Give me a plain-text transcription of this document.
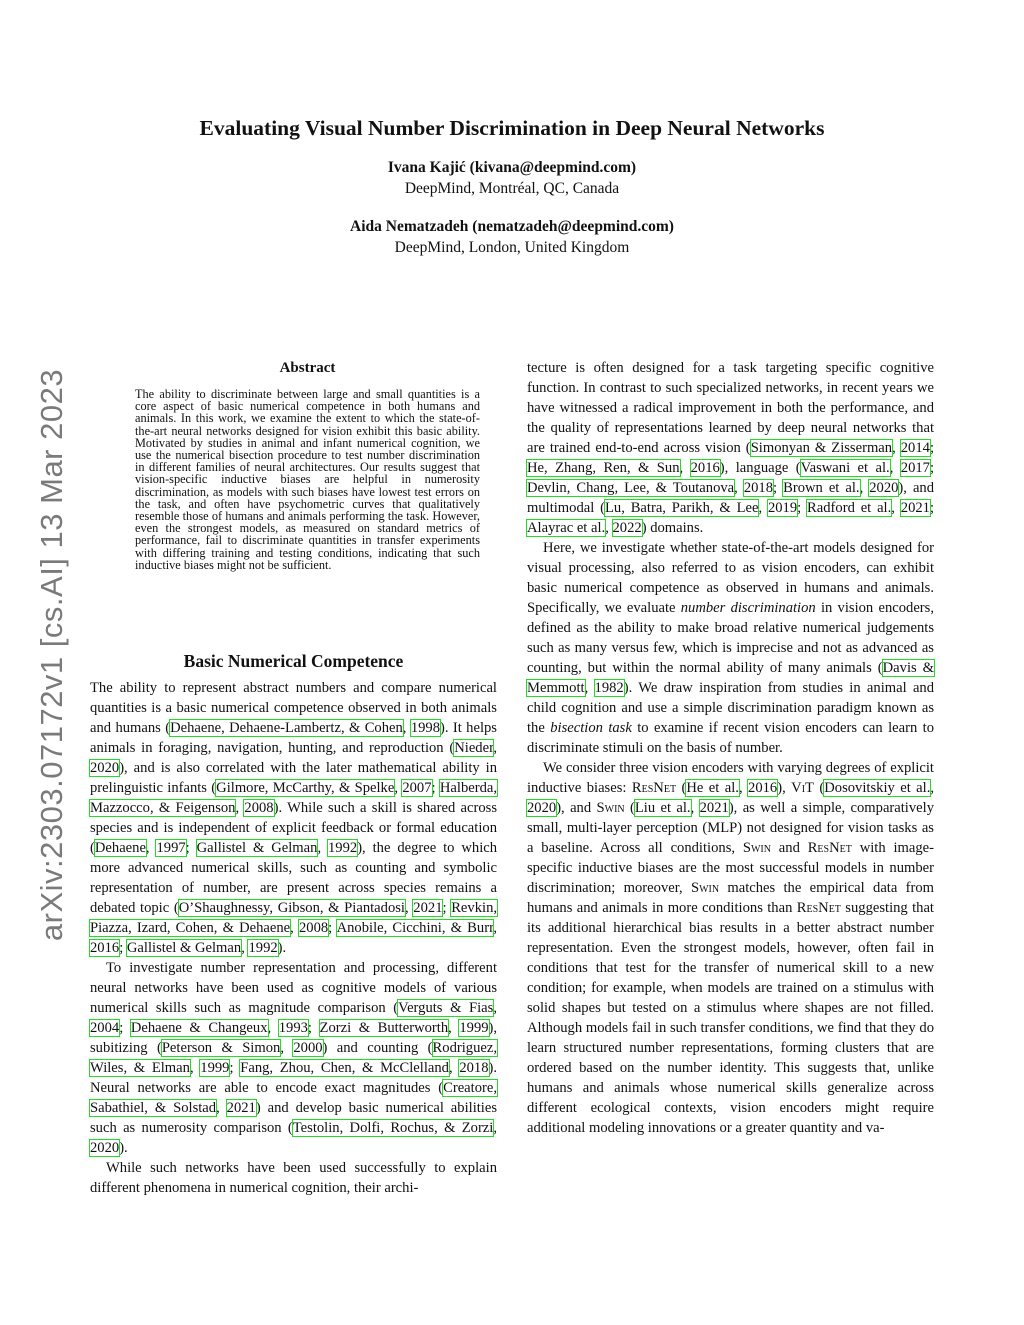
Evaluating Visual Number Discrimination in Deep Neural Networks
Ivana Kajić (kivana@deepmind.com)
DeepMind, Montréal, QC, Canada
Aida Nematzadeh (nematzadeh@deepmind.com)
DeepMind, London, United Kingdom
arXiv:2303.07172v1 [cs.AI] 13 Mar 2023
Abstract

The ability to discriminate between large and small quantities is a core aspect of basic numerical competence in both humans and animals. In this work, we examine the extent to which the state-of-the-art neural networks designed for vision exhibit this basic ability. Motivated by studies in animal and infant numerical cognition, we use the numerical bisection procedure to test number discrimination in different families of neural architectures. Our results suggest that vision-specific inductive biases are helpful in numerosity discrimination, as models with such biases have lowest test errors on the task, and often have psychometric curves that qualitatively resemble those of humans and animals performing the task. However, even the strongest models, as measured on standard metrics of performance, fail to discriminate quantities in transfer experiments with differing training and testing conditions, indicating that such inductive biases might not be sufficient.

Basic Numerical Competence

The ability to represent abstract numbers and compare numerical quantities is a basic numerical competence observed in both animals and humans (Dehaene, Dehaene-Lambertz, & Cohen, 1998). It helps animals in foraging, navigation, hunting, and reproduction (Nieder, 2020), and is also correlated with the later mathematical ability in prelinguistic infants (Gilmore, McCarthy, & Spelke, 2007; Halberda, Mazzocco, & Feigenson, 2008). While such a skill is shared across species and is independent of explicit feedback or formal education (Dehaene, 1997; Gallistel & Gelman, 1992), the degree to which more advanced numerical skills, such as counting and symbolic representation of number, are present across species remains a debated topic (O’Shaughnessy, Gibson, & Piantadosi, 2021; Revkin, Piazza, Izard, Cohen, & Dehaene, 2008; Anobile, Cicchini, & Burr, 2016; Gallistel & Gelman, 1992).

To investigate number representation and processing, different neural networks have been used as cognitive models of various numerical skills such as magnitude comparison (Verguts & Fias, 2004; Dehaene & Changeux, 1993; Zorzi & Butterworth, 1999), subitizing (Peterson & Simon, 2000) and counting (Rodriguez, Wiles, & Elman, 1999; Fang, Zhou, Chen, & McClelland, 2018). Neural networks are able to encode exact magnitudes (Creatore, Sabathiel, & Solstad, 2021) and develop basic numerical abilities such as numerosity comparison (Testolin, Dolfi, Rochus, & Zorzi, 2020).

While such networks have been used successfully to explain different phenomena in numerical cognition, their archi-

tecture is often designed for a task targeting specific cognitive function. In contrast to such specialized networks, in recent years we have witnessed a radical improvement in both the performance, and the quality of representations learned by deep neural networks that are trained end-to-end across vision (Simonyan & Zisserman, 2014; He, Zhang, Ren, & Sun, 2016), language (Vaswani et al., 2017; Devlin, Chang, Lee, & Toutanova, 2018; Brown et al., 2020), and multimodal (Lu, Batra, Parikh, & Lee, 2019; Radford et al., 2021; Alayrac et al., 2022) domains.

Here, we investigate whether state-of-the-art models designed for visual processing, also referred to as vision encoders, can exhibit basic numerical competence as observed in humans and animals. Specifically, we evaluate number discrimination in vision encoders, defined as the ability to make broad relative numerical judgements such as many versus few, which is imprecise and not as advanced as counting, but within the normal ability of many animals (Davis & Memmott, 1982). We draw inspiration from studies in animal and child cognition and use a simple discrimination paradigm known as the bisection task to examine if recent vision encoders can learn to discriminate stimuli on the basis of number.

We consider three vision encoders with varying degrees of explicit inductive biases: ResNet (He et al., 2016), ViT (Dosovitskiy et al., 2020), and Swin (Liu et al., 2021), as well a simple, comparatively small, multi-layer perception (MLP) not designed for vision tasks as a baseline. Across all conditions, Swin and ResNet with image-specific inductive biases are the most successful models in number discrimination; moreover, Swin matches the empirical data from humans and animals in more conditions than ResNet suggesting that its additional hierarchical bias results in a better abstract number representation. Even the strongest models, however, often fail in conditions that test for the transfer of numerical skill to a new condition; for example, when models are trained on a stimulus with solid shapes but tested on a stimulus where shapes are not filled. Although models fail in such transfer conditions, we find that they do learn structured number representations, forming clusters that are ordered based on the number identity. This suggests that, unlike humans and animals whose numerical skills generalize across different ecological contexts, vision encoders might require additional modeling innovations or a greater quantity and va-
